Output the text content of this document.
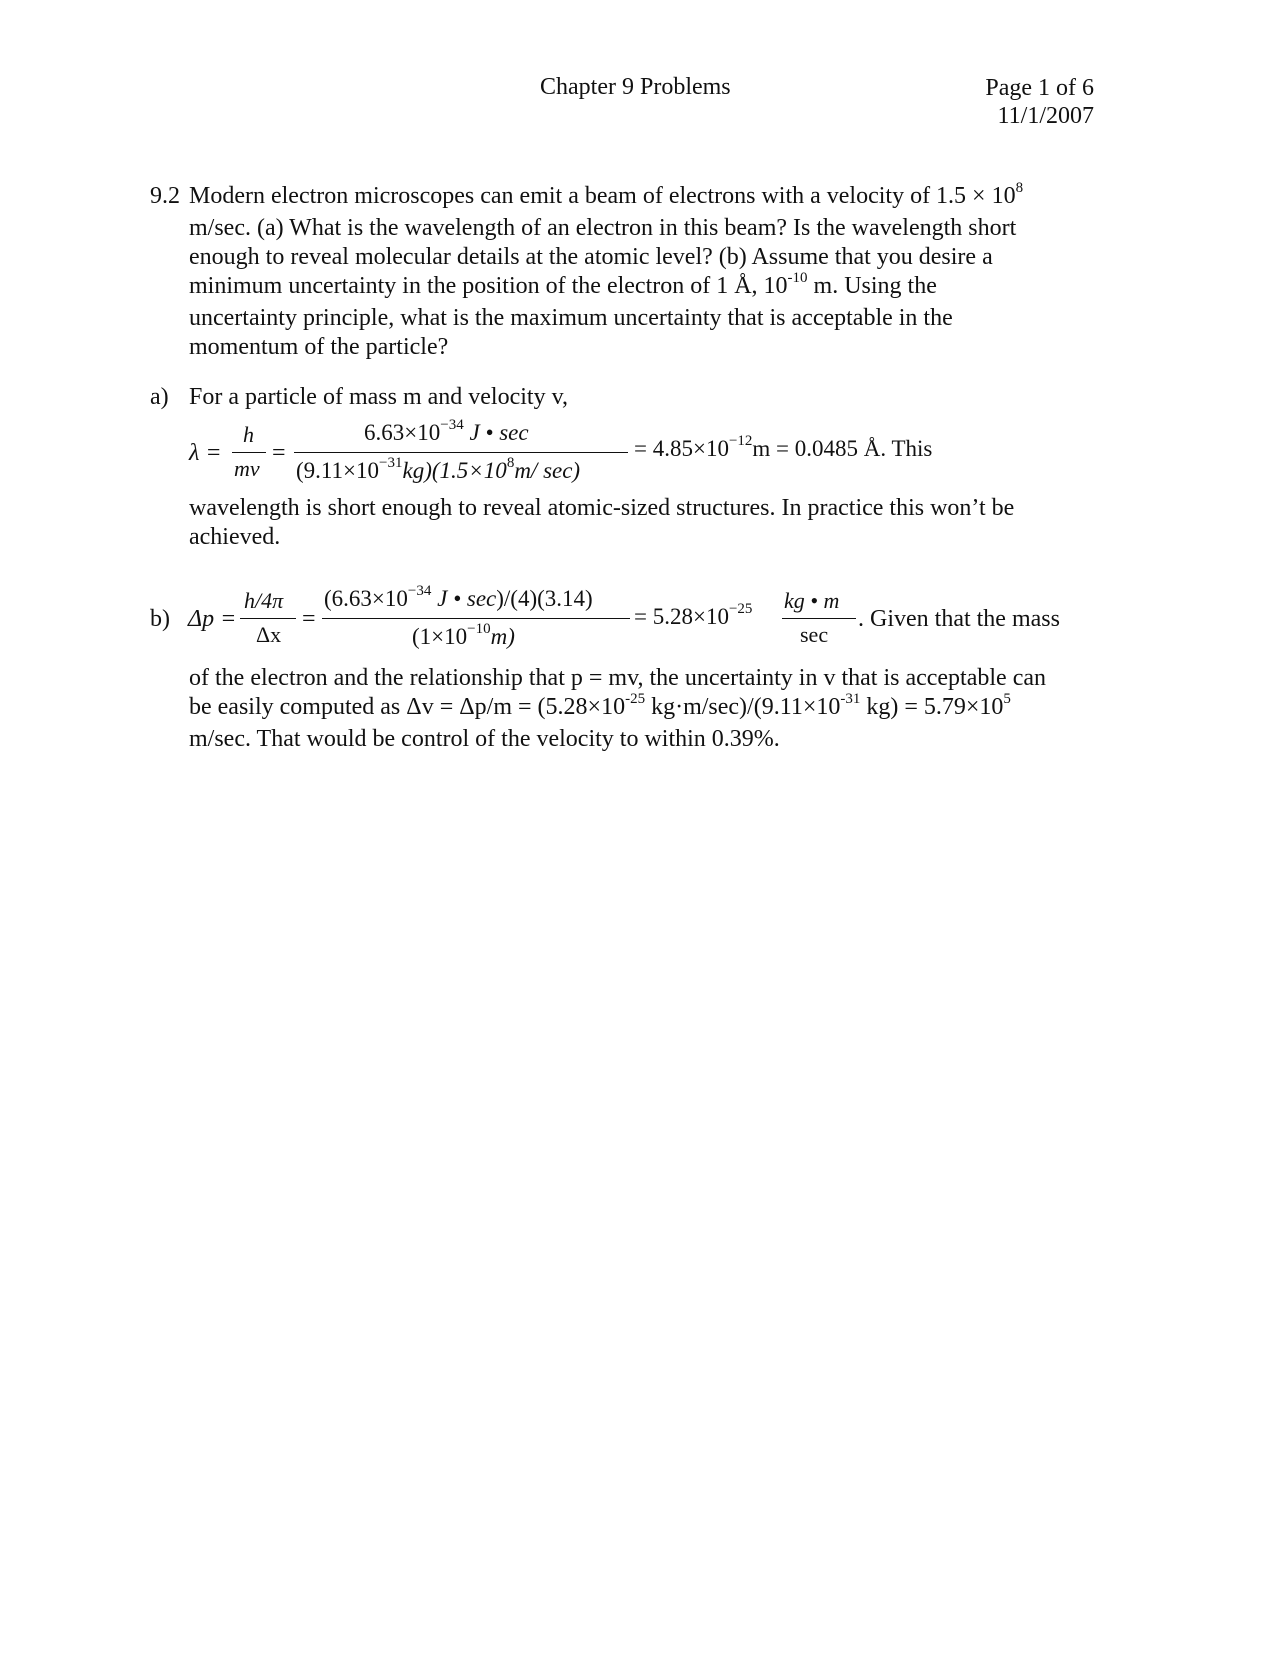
Chapter 9 Problems	Page 1 of 6
11/1/2007
9.2 Modern electron microscopes can emit a beam of electrons with a velocity of $1.5 \times 10^8$
m/sec. (a) What is the wavelength of an electron in this beam? Is the wavelength short
enough to reveal molecular details at the atomic level? (b) Assume that you desire a
minimum uncertainty in the position of the electron of 1 Å, $10^{-10}$ m. Using the
uncertainty principle, what is the maximum uncertainty that is acceptable in the
momentum of the particle?
a) For a particle of mass m and velocity v,
λ =
h
mv
=
$6.63\times 10^{-34}$ J • sec
$(9.11\times 10^{-31}kg)(1.5\times 10^8m/$ sec)
= $4.85\times 10^{-12}m = 0.0485$ Å. This
wavelength is short enough to reveal atomic-sized structures. In practice this won’t be
achieved.
b) Δp =
h/4π
Δx
=
($6.63\times 10^{-34}$ J • sec)/(4)(3.14)
$(1\times 10^{-10}m)$
= $5.28\times 10^{-25}$ kg • m
sec
. Given that the mass
of the electron and the relationship that p = mv, the uncertainty in v that is acceptable can
be easily computed as $\Delta v = \Delta p/m = (5.28\times 10^{-25}$ $kg\cdot m/\sec)/(9.11\times 10^{-31}$ $kg) = 5.79\times 10^5$
m/sec. That would be control of the velocity to within 0.39%.
